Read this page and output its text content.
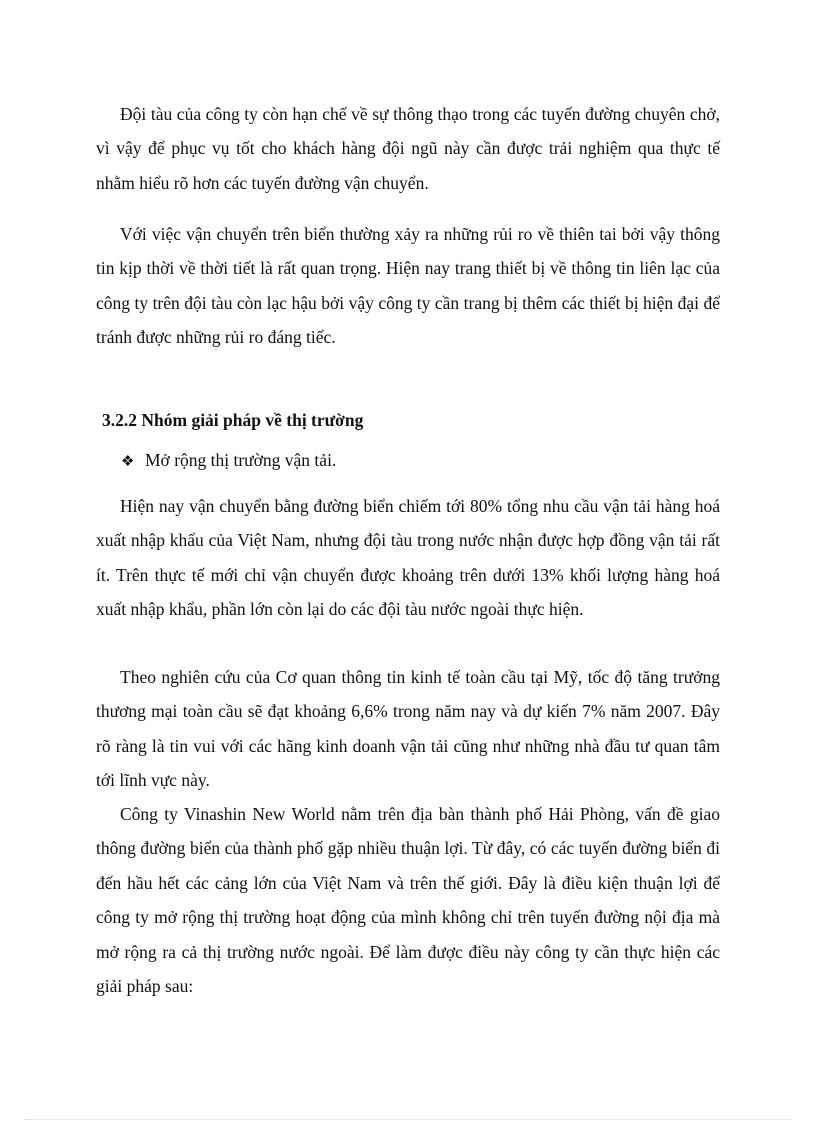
Đội tàu của công ty còn hạn chế về sự thông thạo trong các tuyến đường chuyên chở, vì vậy để phục vụ tốt cho khách hàng đội ngũ này cần được trải nghiệm qua thực tế nhằm hiểu rõ hơn các tuyến đường vận chuyển.

Với việc vận chuyển trên biển thường xảy ra những rủi ro về thiên tai bởi vậy thông tin kịp thời về thời tiết là rất quan trọng. Hiện nay trang thiết bị về thông tin liên lạc của công ty trên đội tàu còn lạc hậu bởi vậy công ty cần trang bị thêm các thiết bị hiện đại để tránh được những rủi ro đáng tiếc.

3.2.2 Nhóm giải pháp về thị trường

❖ Mở rộng thị trường vận tải.

Hiện nay vận chuyển bằng đường biển chiếm tới 80% tổng nhu cầu vận tải hàng hoá xuất nhập khẩu của Việt Nam, nhưng đội tàu trong nước nhận được hợp đồng vận tải rất ít. Trên thực tế mới chỉ vận chuyển được khoảng trên dưới 13% khối lượng hàng hoá xuất nhập khẩu, phần lớn còn lại do các đội tàu nước ngoài thực hiện.

Theo nghiên cứu của Cơ quan thông tin kinh tế toàn cầu tại Mỹ, tốc độ tăng trưởng thương mại toàn cầu sẽ đạt khoảng 6,6% trong năm nay và dự kiến 7% năm 2007. Đây rõ ràng là tin vui với các hãng kinh doanh vận tải cũng như những nhà đầu tư quan tâm tới lĩnh vực này.

Công ty Vinashin New World nằm trên địa bàn thành phố Hải Phòng, vấn đề giao thông đường biển của thành phố gặp nhiều thuận lợi. Từ đây, có các tuyến đường biển đi đến hầu hết các cảng lớn của Việt Nam và trên thế giới. Đây là điều kiện thuận lợi để công ty mở rộng thị trường hoạt động của mình không chỉ trên tuyến đường nội địa mà mở rộng ra cả thị trường nước ngoài. Để làm được điều này công ty cần thực hiện các giải pháp sau:
